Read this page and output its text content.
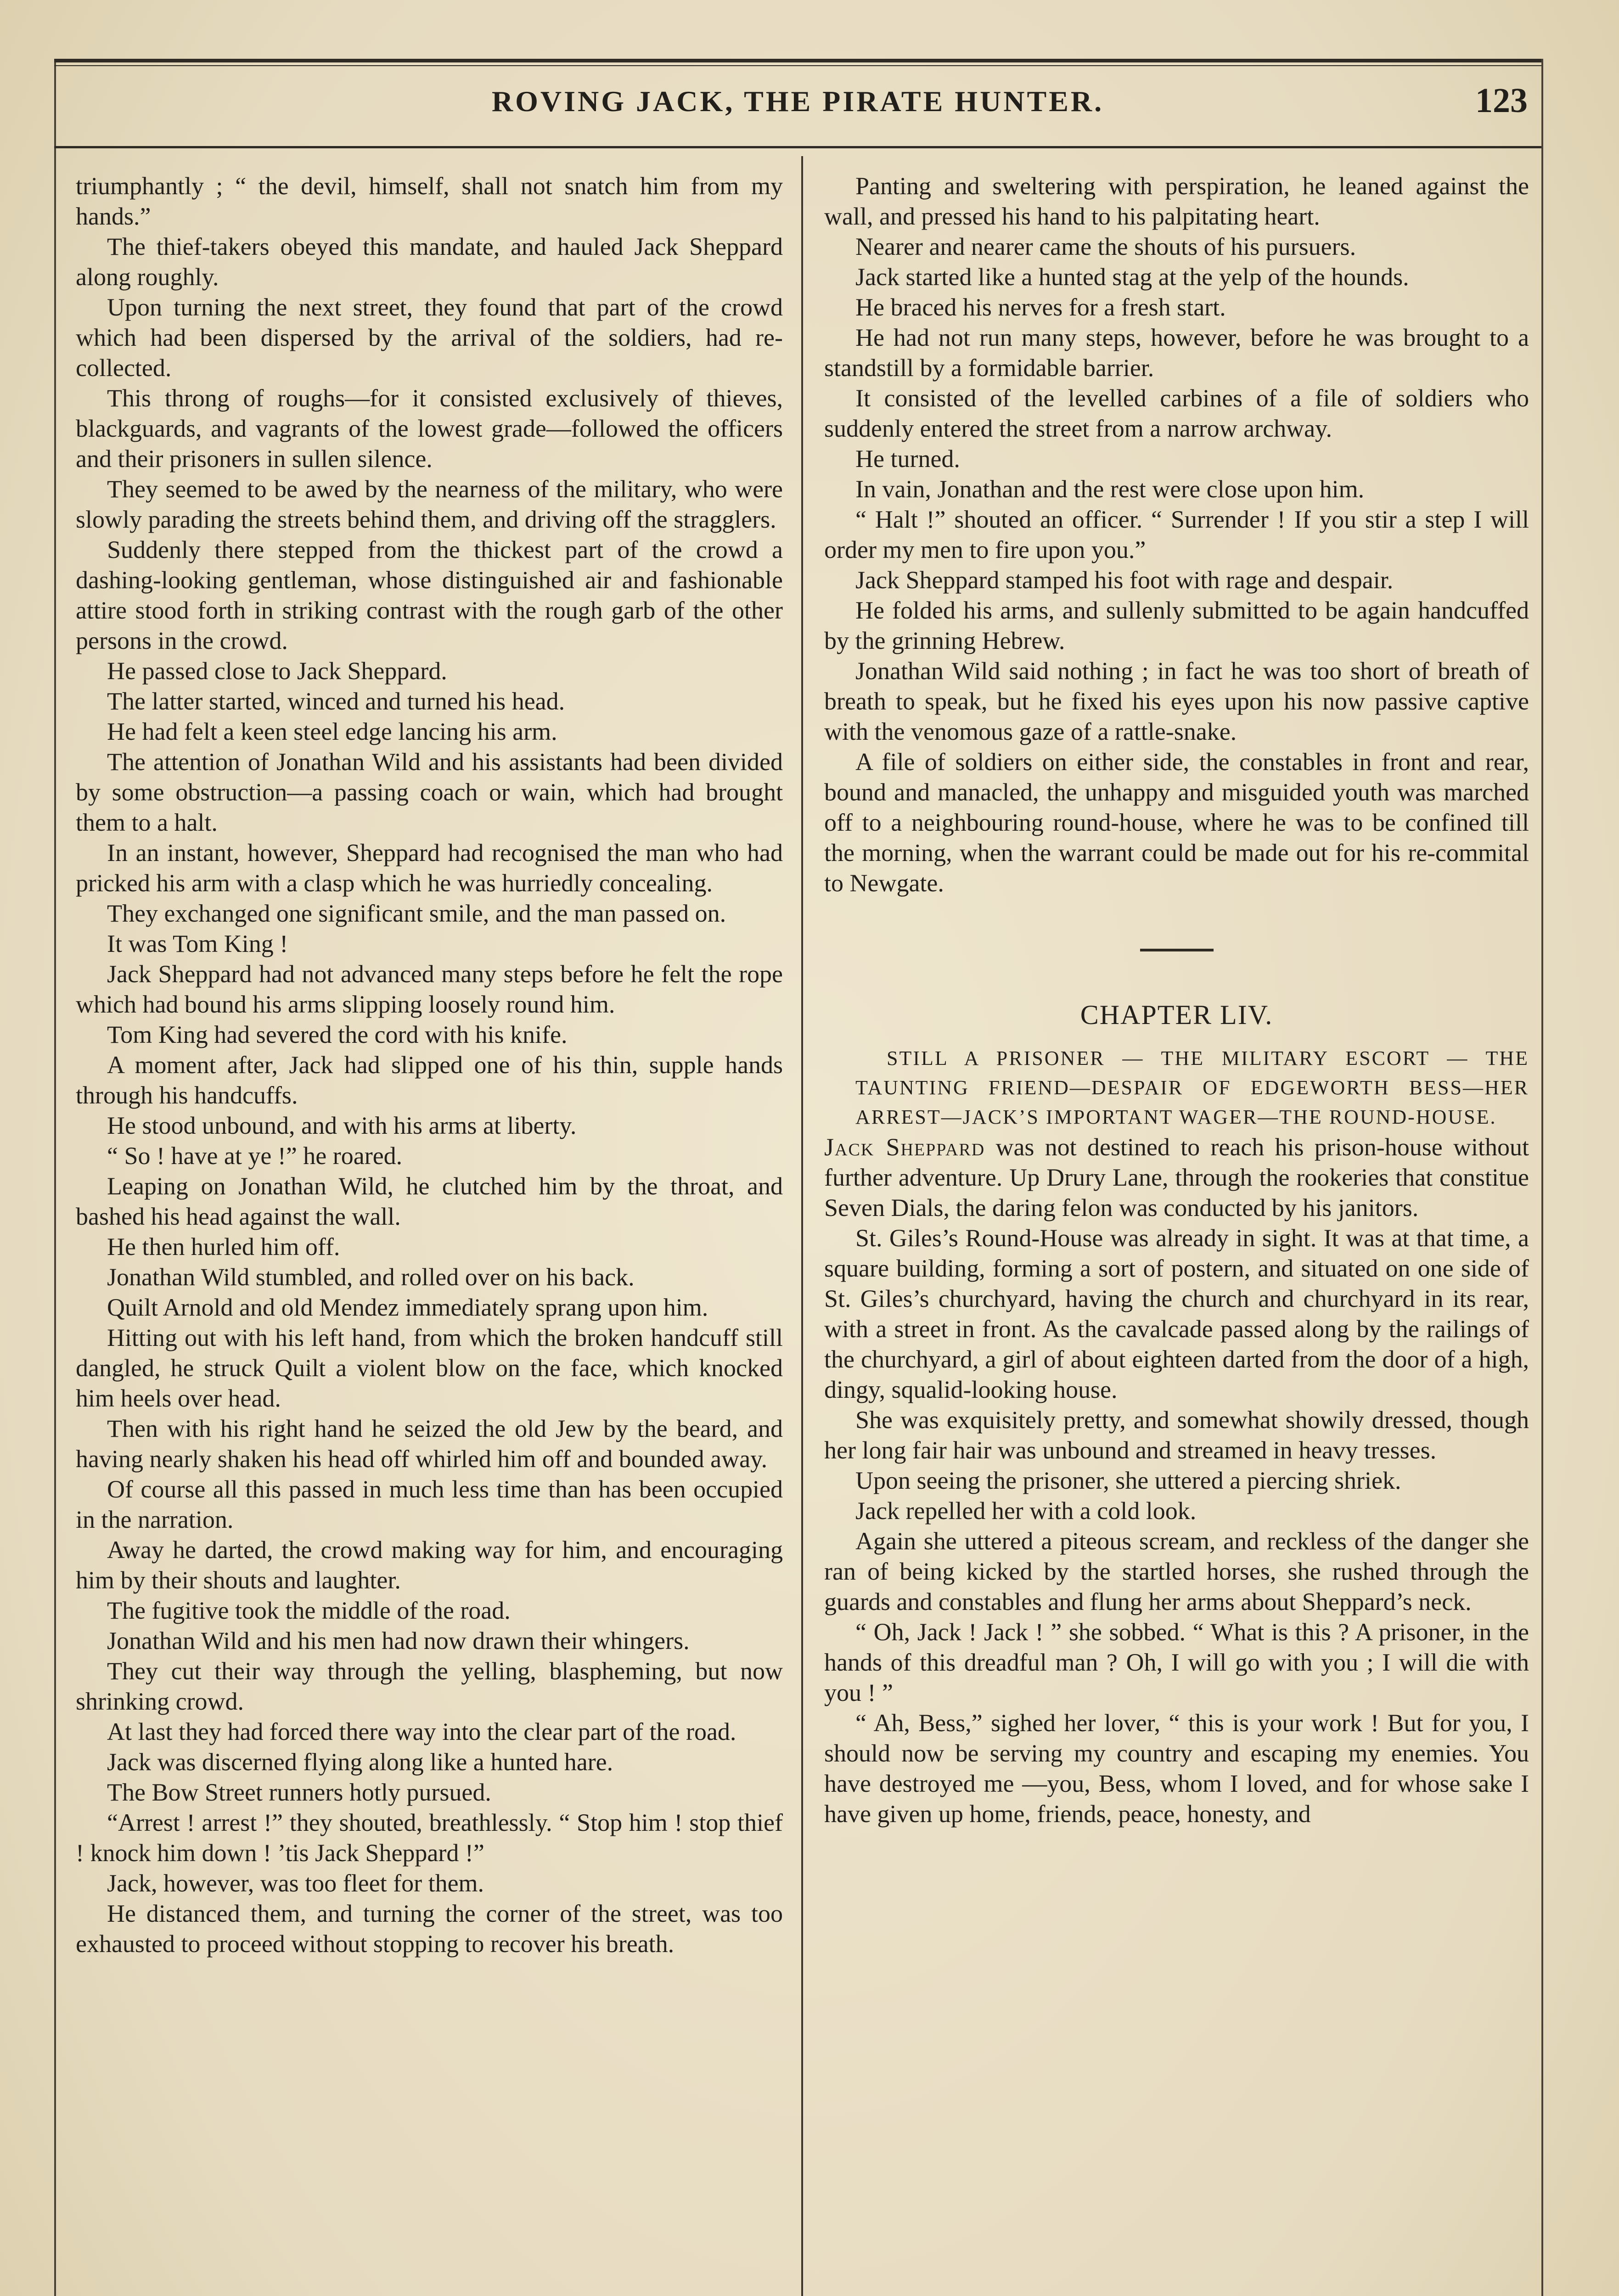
ROVING JACK, THE PIRATE HUNTER.	123

triumphantly ; “ the devil, himself, shall not snatch him from my hands.”

The thief-takers obeyed this mandate, and hauled Jack Sheppard along roughly.

Upon turning the next street, they found that part of the crowd which had been dispersed by the arrival of the soldiers, had re-collected.

This throng of roughs—for it consisted exclusively of thieves, blackguards, and vagrants of the lowest grade—followed the officers and their prisoners in sullen silence.

They seemed to be awed by the nearness of the military, who were slowly parading the streets behind them, and driving off the stragglers.

Suddenly there stepped from the thickest part of the crowd a dashing-looking gentleman, whose distinguished air and fashionable attire stood forth in striking contrast with the rough garb of the other persons in the crowd.

He passed close to Jack Sheppard.

The latter started, winced and turned his head.

He had felt a keen steel edge lancing his arm.

The attention of Jonathan Wild and his assistants had been divided by some obstruction—a passing coach or wain, which had brought them to a halt.

In an instant, however, Sheppard had recognised the man who had pricked his arm with a clasp which he was hurriedly concealing.

They exchanged one significant smile, and the man passed on.

It was Tom King !

Jack Sheppard had not advanced many steps before he felt the rope which had bound his arms slipping loosely round him.

Tom King had severed the cord with his knife.

A moment after, Jack had slipped one of his thin, supple hands through his handcuffs.

He stood unbound, and with his arms at liberty.

“ So ! have at ye !” he roared.

Leaping on Jonathan Wild, he clutched him by the throat, and bashed his head against the wall.

He then hurled him off.

Jonathan Wild stumbled, and rolled over on his back.

Quilt Arnold and old Mendez immediately sprang upon him.

Hitting out with his left hand, from which the broken handcuff still dangled, he struck Quilt a violent blow on the face, which knocked him heels over head.

Then with his right hand he seized the old Jew by the beard, and having nearly shaken his head off whirled him off and bounded away.

Of course all this passed in much less time than has been occupied in the narration.

Away he darted, the crowd making way for him, and encouraging him by their shouts and laughter.

The fugitive took the middle of the road.

Jonathan Wild and his men had now drawn their whingers.

They cut their way through the yelling, blaspheming, but now shrinking crowd.

At last they had forced there way into the clear part of the road.

Jack was discerned flying along like a hunted hare.

The Bow Street runners hotly pursued.

“Arrest ! arrest !” they shouted, breathlessly. “ Stop him ! stop thief ! knock him down ! ’tis Jack Sheppard !”

Jack, however, was too fleet for them.

He distanced them, and turning the corner of the street, was too exhausted to proceed without stopping to recover his breath.

Panting and sweltering with perspiration, he leaned against the wall, and pressed his hand to his palpitating heart.

Nearer and nearer came the shouts of his pursuers.

Jack started like a hunted stag at the yelp of the hounds.

He braced his nerves for a fresh start.

He had not run many steps, however, before he was brought to a standstill by a formidable barrier.

It consisted of the levelled carbines of a file of soldiers who suddenly entered the street from a narrow archway.

He turned.

In vain, Jonathan and the rest were close upon him.

“ Halt !” shouted an officer. “ Surrender ! If you stir a step I will order my men to fire upon you.”

Jack Sheppard stamped his foot with rage and despair.

He folded his arms, and sullenly submitted to be again handcuffed by the grinning Hebrew.

Jonathan Wild said nothing ; in fact he was too short of breath of breath to speak, but he fixed his eyes upon his now passive captive with the venomous gaze of a rattle-snake.

A file of soldiers on either side, the constables in front and rear, bound and manacled, the unhappy and misguided youth was marched off to a neighbouring round-house, where he was to be confined till the morning, when the warrant could be made out for his re-commital to Newgate.

CHAPTER LIV.

STILL A PRISONER — THE MILITARY ESCORT — THE TAUNTING FRIEND—DESPAIR OF EDGEWORTH BESS—HER ARREST—JACK’S IMPORTANT WAGER—THE ROUND-HOUSE.

Jack Sheppard was not destined to reach his prison-house without further adventure. Up Drury Lane, through the rookeries that constitue Seven Dials, the daring felon was conducted by his janitors.

St. Giles’s Round-House was already in sight. It was at that time, a square building, forming a sort of postern, and situated on one side of St. Giles’s churchyard, having the church and churchyard in its rear, with a street in front. As the cavalcade passed along by the railings of the churchyard, a girl of about eighteen darted from the door of a high, dingy, squalid-looking house.

She was exquisitely pretty, and somewhat showily dressed, though her long fair hair was unbound and streamed in heavy tresses.

Upon seeing the prisoner, she uttered a piercing shriek.

Jack repelled her with a cold look.

Again she uttered a piteous scream, and reckless of the danger she ran of being kicked by the startled horses, she rushed through the guards and constables and flung her arms about Sheppard’s neck.

“ Oh, Jack ! Jack ! ” she sobbed. “ What is this ? A prisoner, in the hands of this dreadful man ? Oh, I will go with you ; I will die with you ! ”

“ Ah, Bess,” sighed her lover, “ this is your work ! But for you, I should now be serving my country and escaping my enemies. You have destroyed me —you, Bess, whom I loved, and for whose sake I have given up home, friends, peace, honesty, and
